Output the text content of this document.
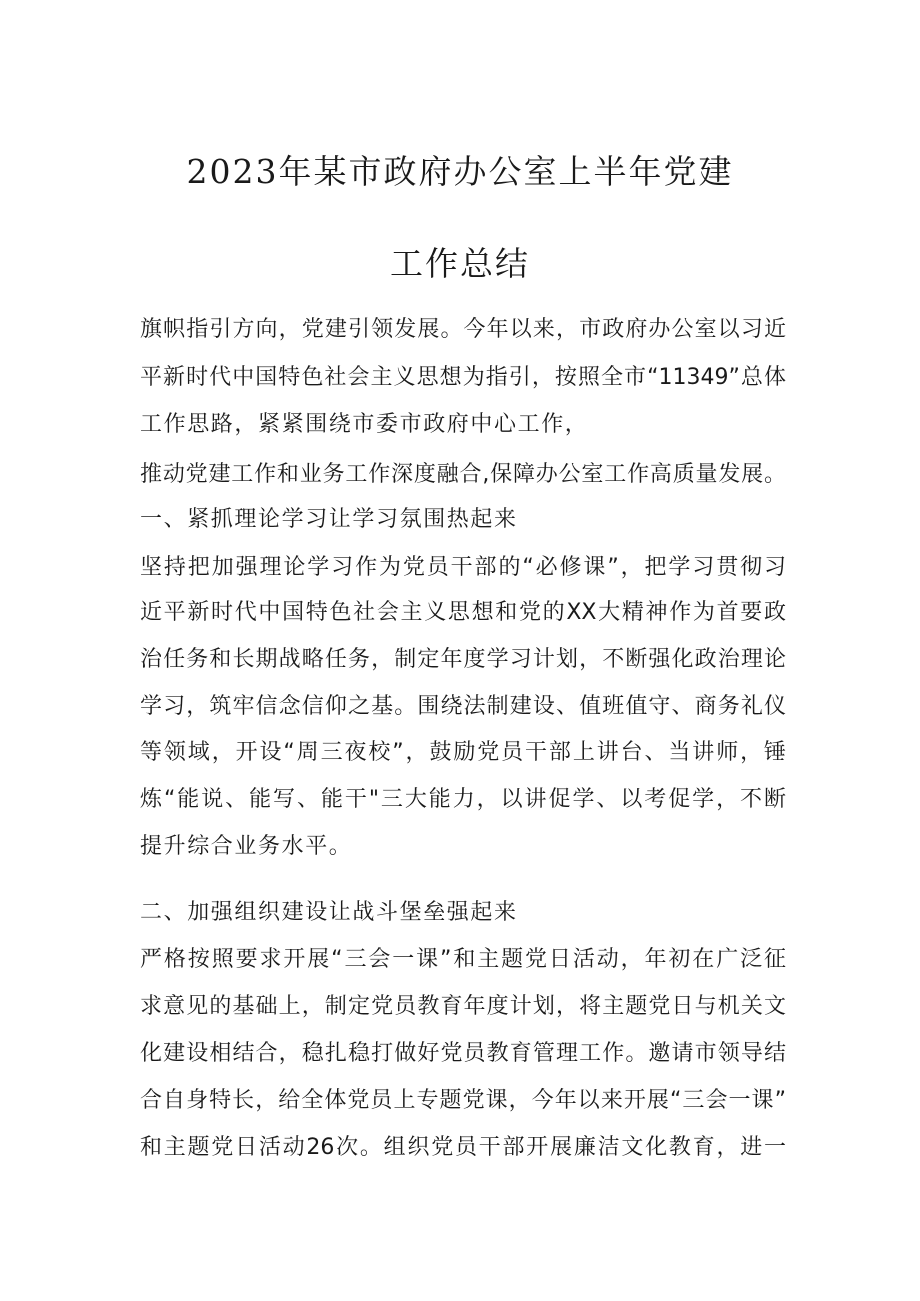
2023年某市政府办公室上半年党建
工作总结
旗帜指引方向，党建引领发展。今年以来，市政府办公室以习近
平新时代中国特色社会主义思想为指引，按照全市“11349”总体
工作思路，紧紧围绕市委市政府中心工作，
推动党建工作和业务工作深度融合,保障办公室工作高质量发展。
一、紧抓理论学习让学习氛围热起来
坚持把加强理论学习作为党员干部的“必修课”，把学习贯彻习
近平新时代中国特色社会主义思想和党的XX大精神作为首要政
治任务和长期战略任务，制定年度学习计划，不断强化政治理论
学习，筑牢信念信仰之基。围绕法制建设、值班值守、商务礼仪
等领域，开设“周三夜校”，鼓励党员干部上讲台、当讲师，锤
炼“能说、能写、能干"三大能力，以讲促学、以考促学，不断
提升综合业务水平。
二、加强组织建设让战斗堡垒强起来
严格按照要求开展“三会一课”和主题党日活动，年初在广泛征
求意见的基础上，制定党员教育年度计划，将主题党日与机关文
化建设相结合，稳扎稳打做好党员教育管理工作。邀请市领导结
合自身特长，给全体党员上专题党课，今年以来开展“三会一课”
和主题党日活动26次。组织党员干部开展廉洁文化教育，进一
